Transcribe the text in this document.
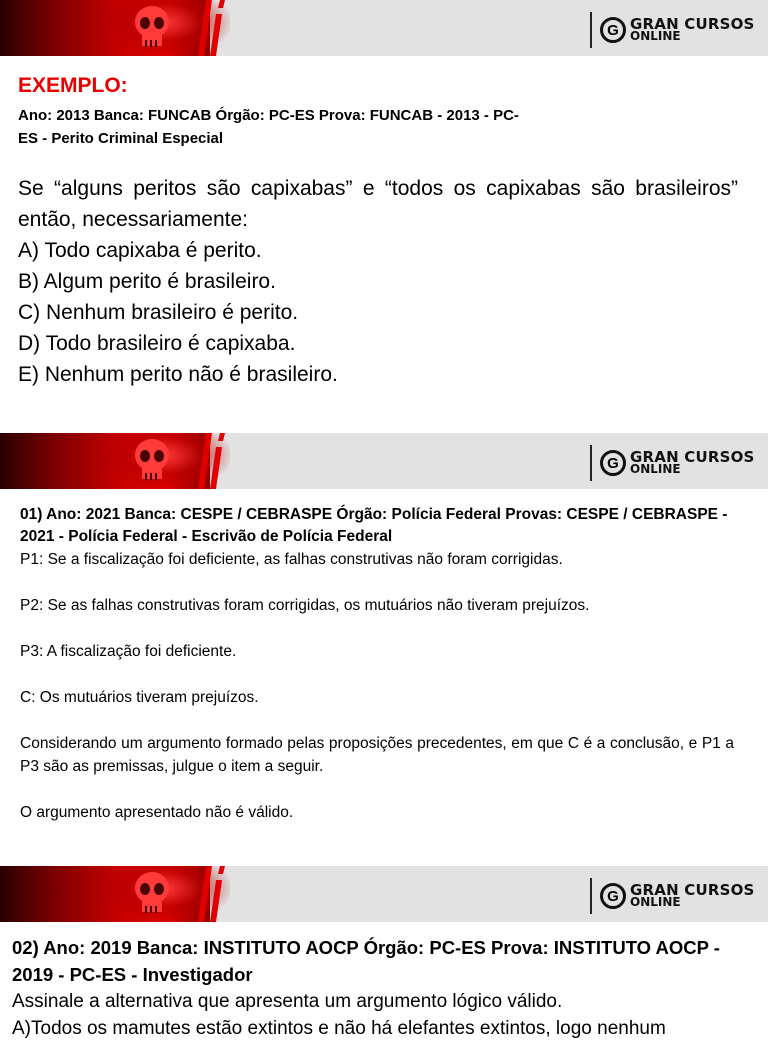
G GRAN CURSOS
ONLINE
EXEMPLO:
Ano: 2013 Banca: FUNCAB Órgão: PC-ES Prova: FUNCAB - 2013 - PC-
ES - Perito Criminal Especial
Se “alguns peritos são capixabas” e “todos os capixabas são brasileiros” então, necessariamente:
A) Todo capixaba é perito.
B) Algum perito é brasileiro.
C) Nenhum brasileiro é perito.
D) Todo brasileiro é capixaba.
E) Nenhum perito não é brasileiro.
G GRAN CURSOS
ONLINE
01) Ano: 2021 Banca: CESPE / CEBRASPE Órgão: Polícia Federal Provas: CESPE / CEBRASPE - 2021 - Polícia Federal - Escrivão de Polícia Federal

P1: Se a fiscalização foi deficiente, as falhas construtivas não foram corrigidas.

P2: Se as falhas construtivas foram corrigidas, os mutuários não tiveram prejuízos.

P3: A fiscalização foi deficiente.

C: Os mutuários tiveram prejuízos.

Considerando um argumento formado pelas proposições precedentes, em que C é a conclusão, e P1 a P3 são as premissas, julgue o item a seguir.

O argumento apresentado não é válido.

G GRAN CURSOS
ONLINE
02) Ano: 2019 Banca: INSTITUTO AOCP Órgão: PC-ES Prova: INSTITUTO AOCP - 2019 - PC-ES - Investigador
Assinale a alternativa que apresenta um argumento lógico válido.
A)Todos os mamutes estão extintos e não há elefantes extintos, logo nenhum
